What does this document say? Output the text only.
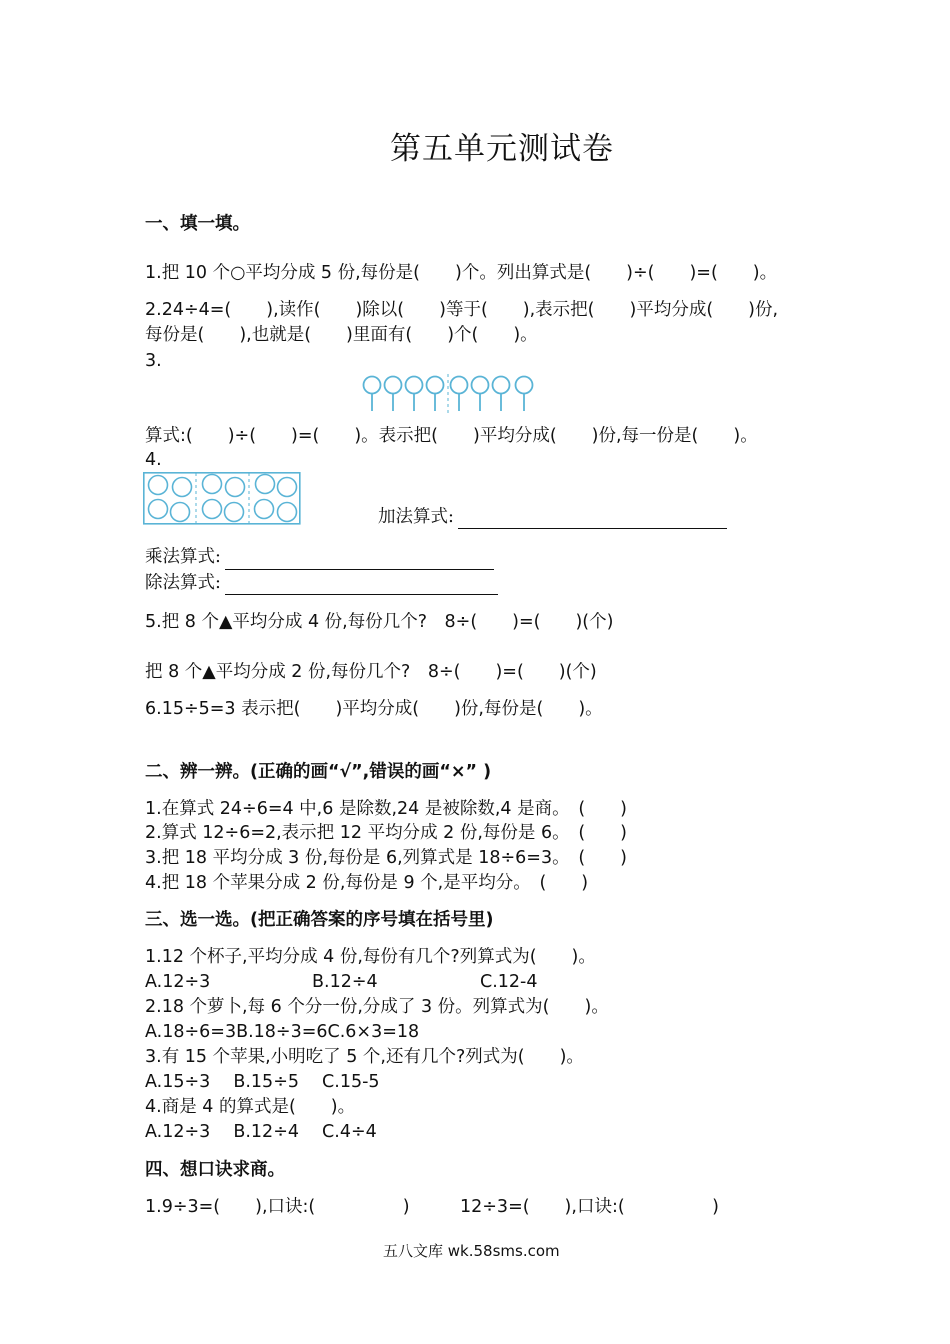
第五单元测试卷
一、填一填。
1.把 10 个○平均分成 5 份,每份是(　　)个。列出算式是(　　)÷(　　)=(　　)。
2.24÷4=(　　),读作(　　)除以(　　)等于(　　),表示把(　　)平均分成(　　)份,
每份是(　　),也就是(　　)里面有(　　)个(　　)。
3.
算式:(　　)÷(　　)=(　　)。表示把(　　)平均分成(　　)份,每一份是(　　)。
4.
加法算式:
乘法算式:
除法算式:
5.把 8 个▲平均分成 4 份,每份几个?　8÷(　　)=(　　)(个)
把 8 个▲平均分成 2 份,每份几个?　8÷(　　)=(　　)(个)
6.15÷5=3 表示把(　　)平均分成(　　)份,每份是(　　)。
二、辨一辨。(正确的画“√”,错误的画“×” )
1.在算式 24÷6=4 中,6 是除数,24 是被除数,4 是商。　(　　)
2.算式 12÷6=2,表示把 12 平均分成 2 份,每份是 6。　(　　)
3.把 18 平均分成 3 份,每份是 6,列算式是 18÷6=3。　(　　)
4.把 18 个苹果分成 2 份,每份是 9 个,是平均分。　(　　)
三、选一选。(把正确答案的序号填在括号里)
1.12 个杯子,平均分成 4 份,每份有几个?列算式为(　　)。
A.12÷3	B.12÷4	C.12-4
2.18 个萝卜,每 6 个分一份,分成了 3 份。列算式为(　　)。
A.18÷6=3B.18÷3=6C.6×3=18
3.有 15 个苹果,小明吃了 5 个,还有几个?列式为(　　)。
A.15÷3　 B.15÷5　 C.15-5
4.商是 4 的算式是(　　)。
A.12÷3　 B.12÷4　 C.4÷4
四、想口诀求商。
1.9÷3=(　　),口诀:(　　　　　)	12÷3=(　　),口诀:(　　　　　)
五八文库 wk.58sms.com
